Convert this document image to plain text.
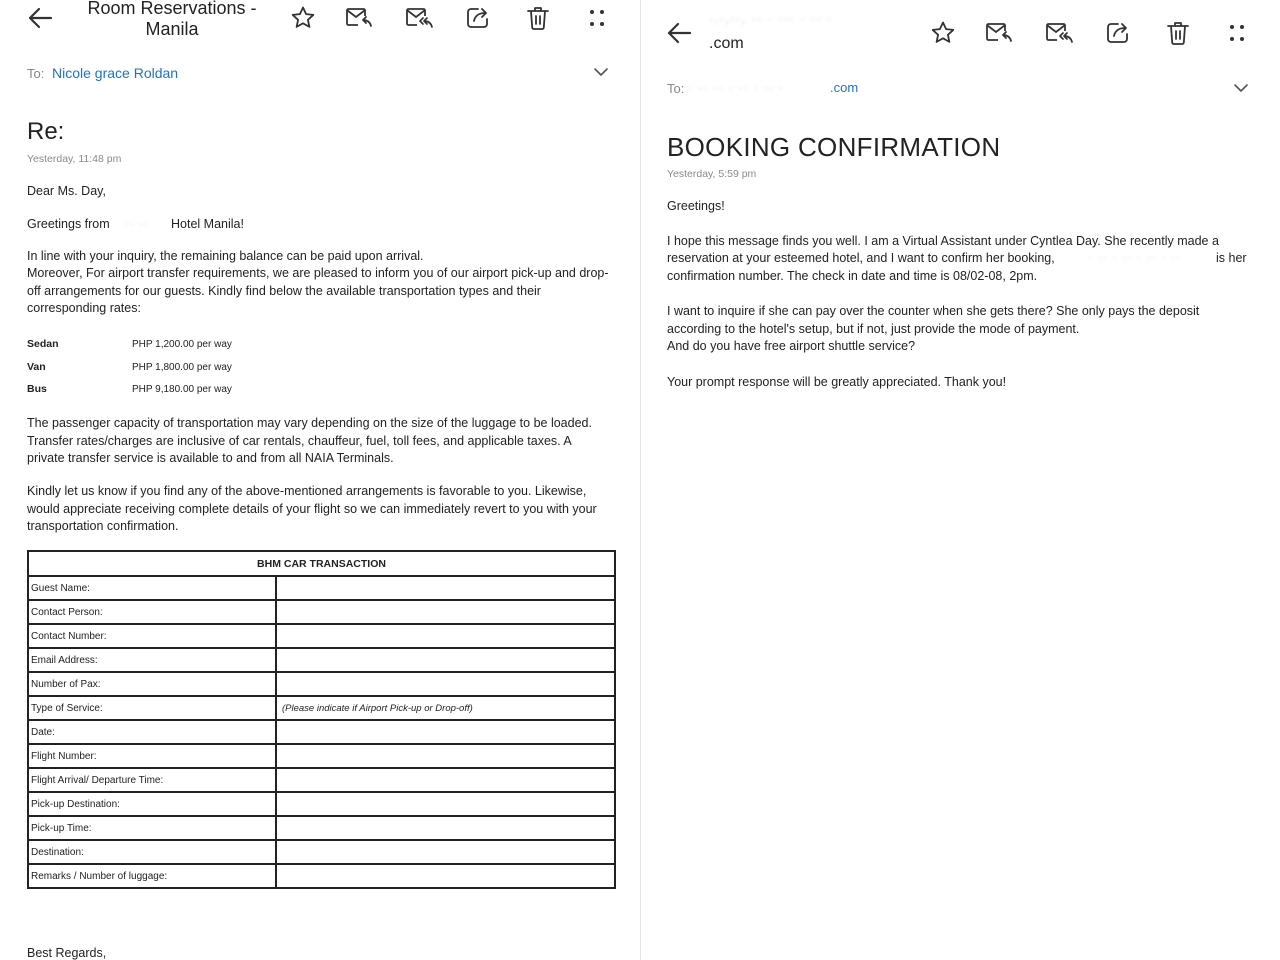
Room Reservations -
Manila
To: Nicole grace Roldan
Re:
Yesterday, 11:48 pm
Dear Ms. Day,
Greetings from ·· ·· Hotel Manila!
In line with your inquiry, the remaining balance can be paid upon arrival.
Moreover, For airport transfer requirements, we are pleased to inform you of our airport pick-up and drop-off arrangements for our guests. Kindly find below the available transportation types and their corresponding rates:
Sedan	PHP 1,200.00 per way
Van	PHP 1,800.00 per way
Bus	PHP 9,180.00 per way
The passenger capacity of transportation may vary depending on the size of the luggage to be loaded. Transfer rates/charges are inclusive of car rentals, chauffeur, fuel, toll fees, and applicable taxes. A private transfer service is available to and from all NAIA Terminals.
Kindly let us know if you find any of the above-mentioned arrangements is favorable to you. Likewise, would appreciate receiving complete details of your flight so we can immediately revert to you with your transportation confirmation.
BHM CAR TRANSACTION	
Guest Name:	
Contact Person:	
Contact Number:	
Email Address:	
Number of Pax:	
Type of Service:	(Please indicate if Airport Pick-up or Drop-off)
Date:	
Flight Number:	
Flight Arrival/ Departure Time:	
Pick-up Destination:	
Pick-up Time:	
Destination:	
Remarks / Number of luggage:	
Best Regards,
·.·,··, ·· · ··· · ·· ·
.com
To: · ·· ·· · ·· · ·· ·	.com
BOOKING CONFIRMATION
Yesterday, 5:59 pm
Greetings!
I hope this message finds you well. I am a Virtual Assistant under Cyntlea Day. She recently made a
reservation at your esteemed hotel, and I want to confirm her booking,	· ·· · ·· · ·· · ··	is her
confirmation number. The check in date and time is 08/02-08, 2pm.
I want to inquire if she can pay over the counter when she gets there? She only pays the deposit
according to the hotel's setup, but if not, just provide the mode of payment.
And do you have free airport shuttle service?
Your prompt response will be greatly appreciated. Thank you!
